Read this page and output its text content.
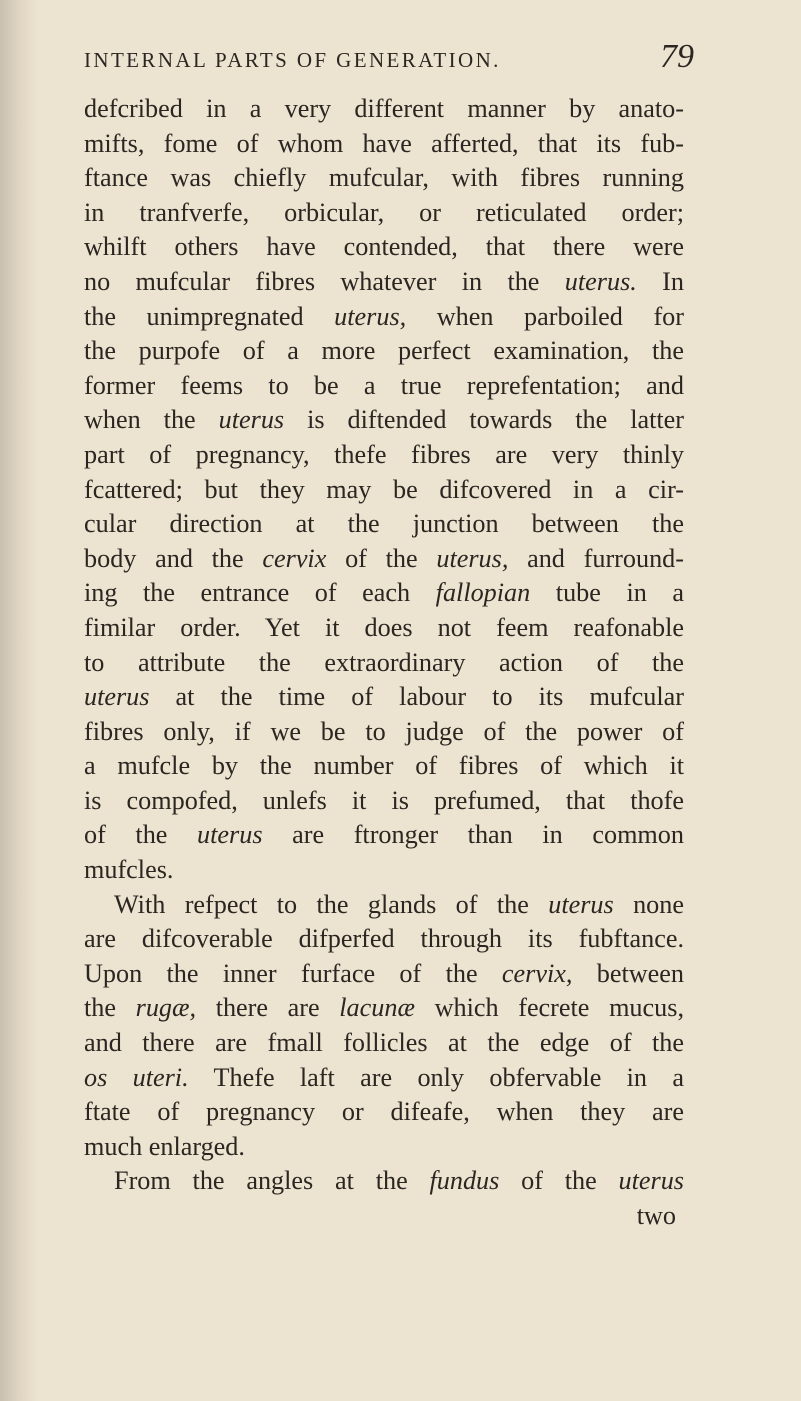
INTERNAL PARTS OF GENERATION.	79
defcribed in a very different manner by anato-
mifts, fome of whom have afferted, that its fub-
ftance was chiefly mufcular, with fibres running
in tranfverfe, orbicular, or reticulated order;
whilft others have contended, that there were
no mufcular fibres whatever in the uterus. In
the unimpregnated uterus, when parboiled for
the purpofe of a more perfect examination, the
former feems to be a true reprefentation; and
when the uterus is diftended towards the latter
part of pregnancy, thefe fibres are very thinly
fcattered; but they may be difcovered in a cir-
cular direction at the junction between the
body and the cervix of the uterus, and furround-
ing the entrance of each fallopian tube in a
fimilar order. Yet it does not feem reafonable
to attribute the extraordinary action of the
uterus at the time of labour to its mufcular
fibres only, if we be to judge of the power of
a mufcle by the number of fibres of which it
is compofed, unlefs it is prefumed, that thofe
of the uterus are ftronger than in common
mufcles.
With refpect to the glands of the uterus none
are difcoverable difperfed through its fubftance.
Upon the inner furface of the cervix, between
the rugæ, there are lacunæ which fecrete mucus,
and there are fmall follicles at the edge of the
os uteri. Thefe laft are only obfervable in a
ftate of pregnancy or difeafe, when they are
much enlarged.
From the angles at the fundus of the uterus
two
